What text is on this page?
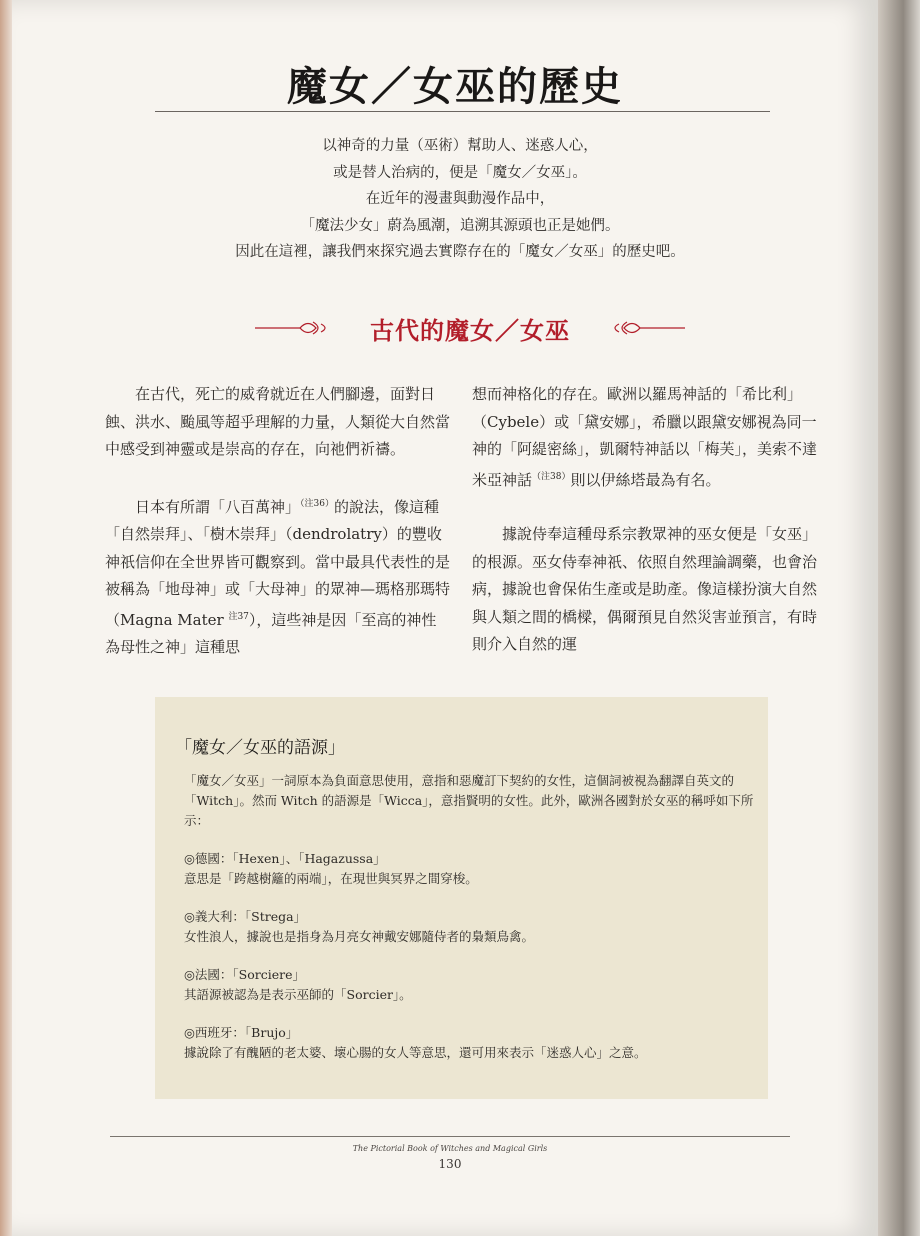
魔女／女巫的歷史
以神奇的力量（巫術）幫助人、迷惑人心，
或是替人治病的，便是「魔女／女巫」。
在近年的漫畫與動漫作品中，
「魔法少女」蔚為風潮，追溯其源頭也正是她們。
因此在這裡，讓我們來探究過去實際存在的「魔女／女巫」的歷史吧。
古代的魔女／女巫

在古代，死亡的威脅就近在人們腳邊，面對日蝕、洪水、颱風等超乎理解的力量，人類從大自然當中感受到神靈或是崇高的存在，向祂們祈禱。

日本有所謂「八百萬神」$^{(注36)}$的說法，像這種「自然崇拜」、「樹木崇拜」（dendrolatry）的豐收神祇信仰在全世界皆可觀察到。當中最具代表性的是被稱為「地母神」或「大母神」的眾神—瑪格那瑪特（Magna Mater $^{注37}$），這些神是因「至高的神性為母性之神」這種思

想而神格化的存在。歐洲以羅馬神話的「希比利」（Cybele）或「黛安娜」，希臘以跟黛安娜視為同一神的「阿緹密絲」，凱爾特神話以「梅芙」，美索不達米亞神話$^{(注38)}$則以伊絲塔最為有名。

據說侍奉這種母系宗教眾神的巫女便是「女巫」的根源。巫女侍奉神祇、依照自然理論調藥，也會治病，據說也會保佑生產或是助產。像這樣扮演大自然與人類之間的橋樑，偶爾預見自然災害並預言，有時則介入自然的運

「魔女／女巫的語源」

「魔女／女巫」一詞原本為負面意思使用，意指和惡魔訂下契約的女性，這個詞被視為翻譯自英文的「Witch」。然而 Witch 的語源是「Wicca」，意指賢明的女性。此外，歐洲各國對於女巫的稱呼如下所示：

◎德國：「Hexen」、「Hagazussa」

意思是「跨越樹籬的兩端」，在現世與冥界之間穿梭。

◎義大利：「Strega」

女性浪人，據說也是指身為月亮女神戴安娜隨侍者的梟類鳥禽。

◎法國：「Sorciere」

其語源被認為是表示巫師的「Sorcier」。

◎西班牙：「Brujo」

據說除了有醜陋的老太婆、壞心腸的女人等意思，還可用來表示「迷惑人心」之意。

The Pictorial Book of Witches and Magical Girls
130
